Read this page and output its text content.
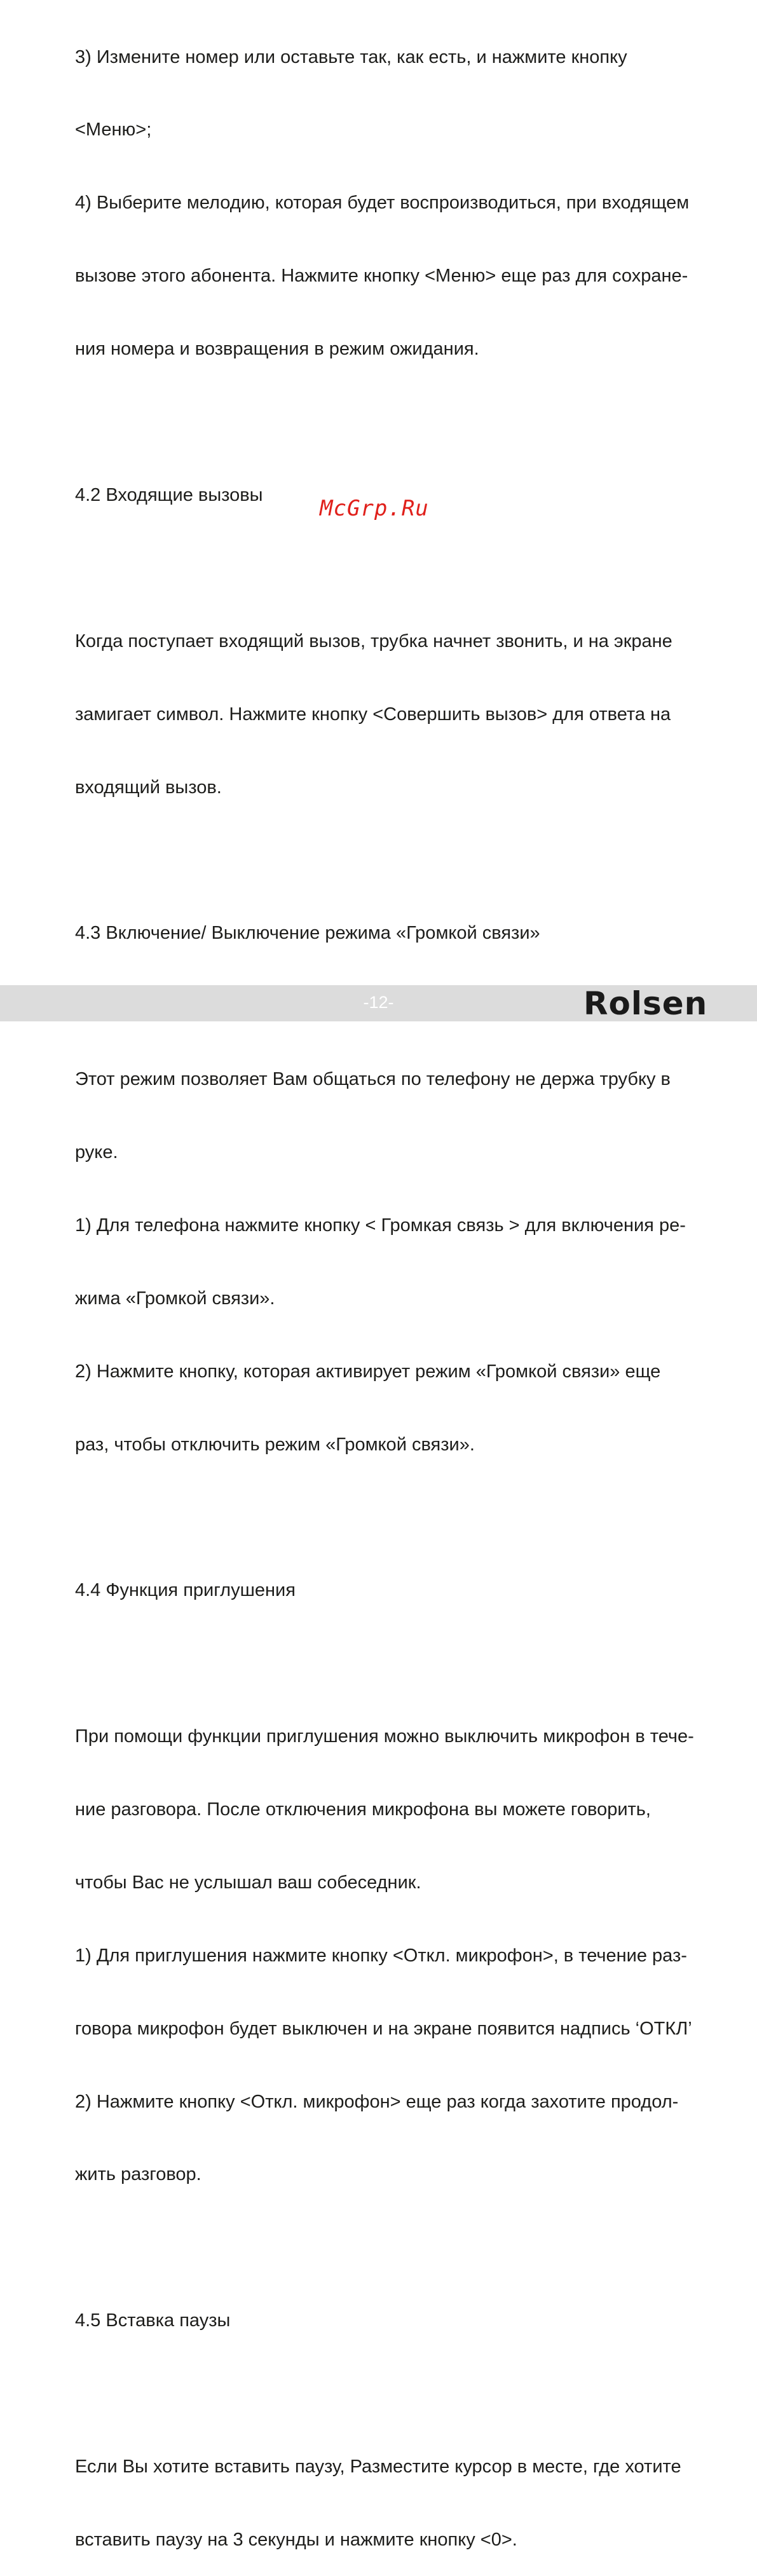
3) Измените номер или оставьте так, как есть, и нажмите кнопку

<Меню>;

4) Выберите мелодию, которая будет воспроизводиться, при входящем

вызове этого абонента. Нажмите кнопку <Меню> еще раз для сохране-

ния номера и возвращения в режим ожидания.

4.2 Входящие вызовы

Когда поступает входящий вызов, трубка начнет звонить, и на экране

замигает символ. Нажмите кнопку <Совершить вызов> для ответа на

входящий вызов.

4.3 Включение/ Выключение режима «Громкой связи»

Этот режим позволяет Вам общаться по телефону не держа трубку в

руке.

1) Для телефона нажмите кнопку < Громкая связь > для включения ре-

жима «Громкой связи».

2) Нажмите кнопку, которая активирует режим «Громкой связи» еще

раз, чтобы отключить режим «Громкой связи».

4.4 Функция приглушения

При помощи функции приглушения можно выключить микрофон в тече-

ние разговора. После отключения микрофона вы можете говорить,

чтобы Вас не услышал ваш собеседник.

1) Для приглушения нажмите кнопку <Откл. микрофон>, в течение раз-

говора микрофон будет выключен и на экране появится надпись ‘ОТКЛ’

2) Нажмите кнопку <Откл. микрофон> еще раз когда захотите продол-

жить разговор.

4.5 Вставка паузы

Если Вы хотите вставить паузу, Разместите курсор в месте, где хотите

вставить паузу на 3 секунды и нажмите кнопку <0>.

McGrp.Ru
-12-	Rolsen
